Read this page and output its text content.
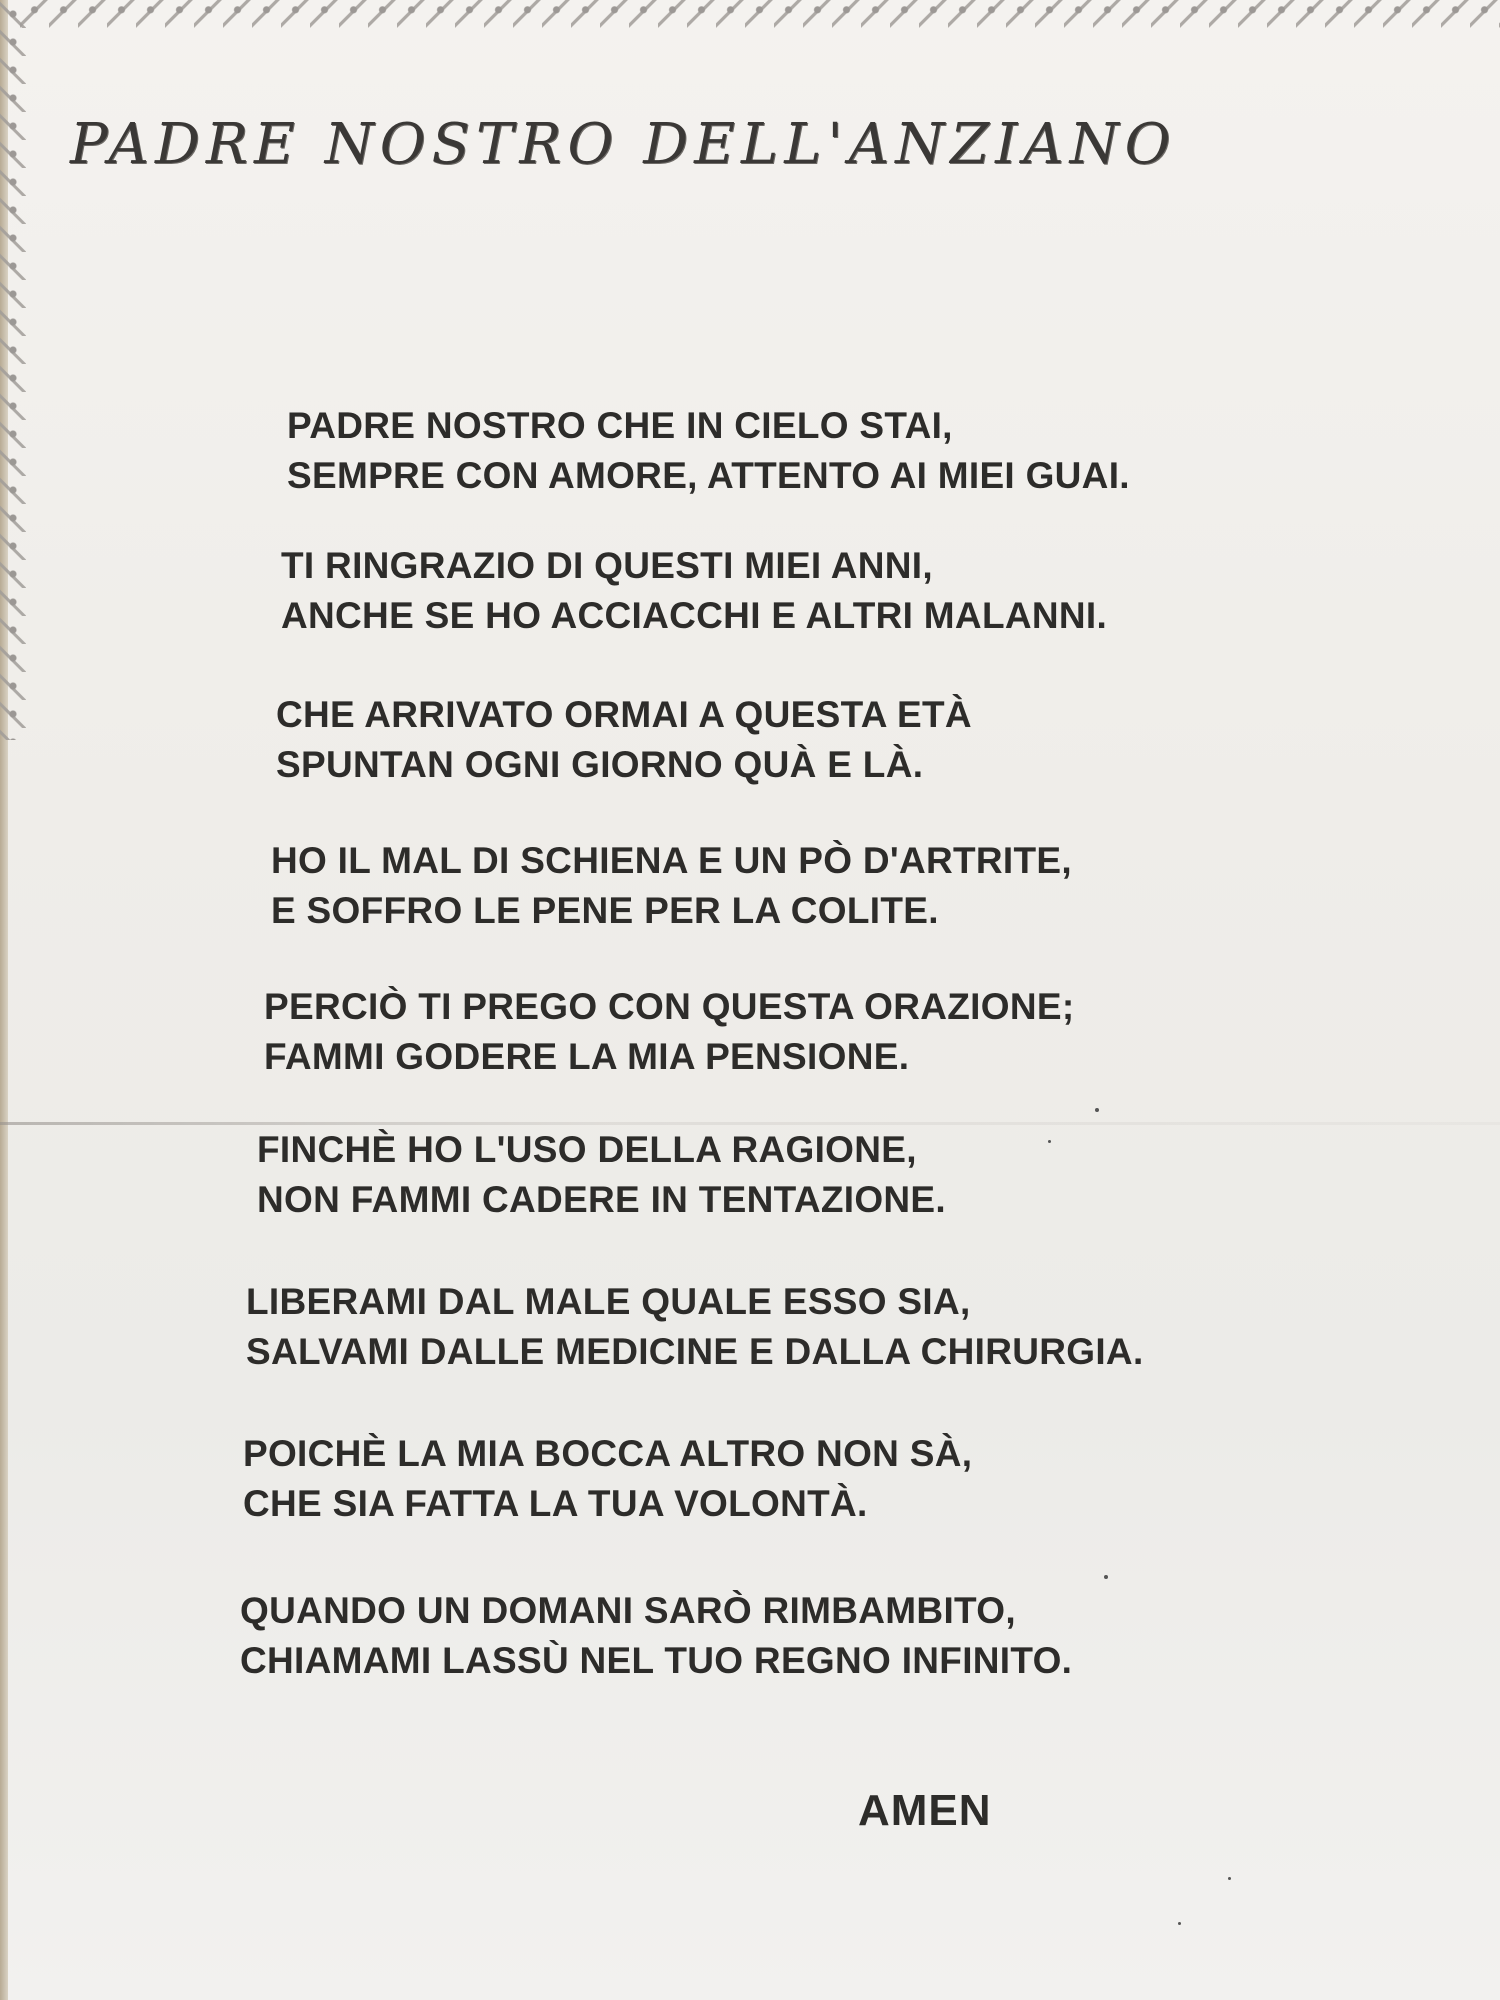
PADRE NOSTRO DELL'ANZIANO
PADRE NOSTRO CHE IN CIELO STAI,
SEMPRE CON AMORE, ATTENTO AI MIEI GUAI.
TI RINGRAZIO DI QUESTI MIEI ANNI,
ANCHE SE HO ACCIACCHI E ALTRI MALANNI.
CHE ARRIVATO ORMAI A QUESTA ETÀ
SPUNTAN OGNI GIORNO QUÀ E LÀ.
HO IL MAL DI SCHIENA E UN PÒ D'ARTRITE,
E SOFFRO LE PENE PER LA COLITE.
PERCIÒ TI PREGO CON QUESTA ORAZIONE;
FAMMI GODERE LA MIA PENSIONE.
FINCHÈ HO L'USO DELLA RAGIONE,
NON FAMMI CADERE IN TENTAZIONE.
LIBERAMI DAL MALE QUALE ESSO SIA,
SALVAMI DALLE MEDICINE E DALLA CHIRURGIA.
POICHÈ LA MIA BOCCA ALTRO NON SÀ,
CHE SIA FATTA LA TUA VOLONTÀ.
QUANDO UN DOMANI SARÒ RIMBAMBITO,
CHIAMAMI LASSÙ NEL TUO REGNO INFINITO.
AMEN
